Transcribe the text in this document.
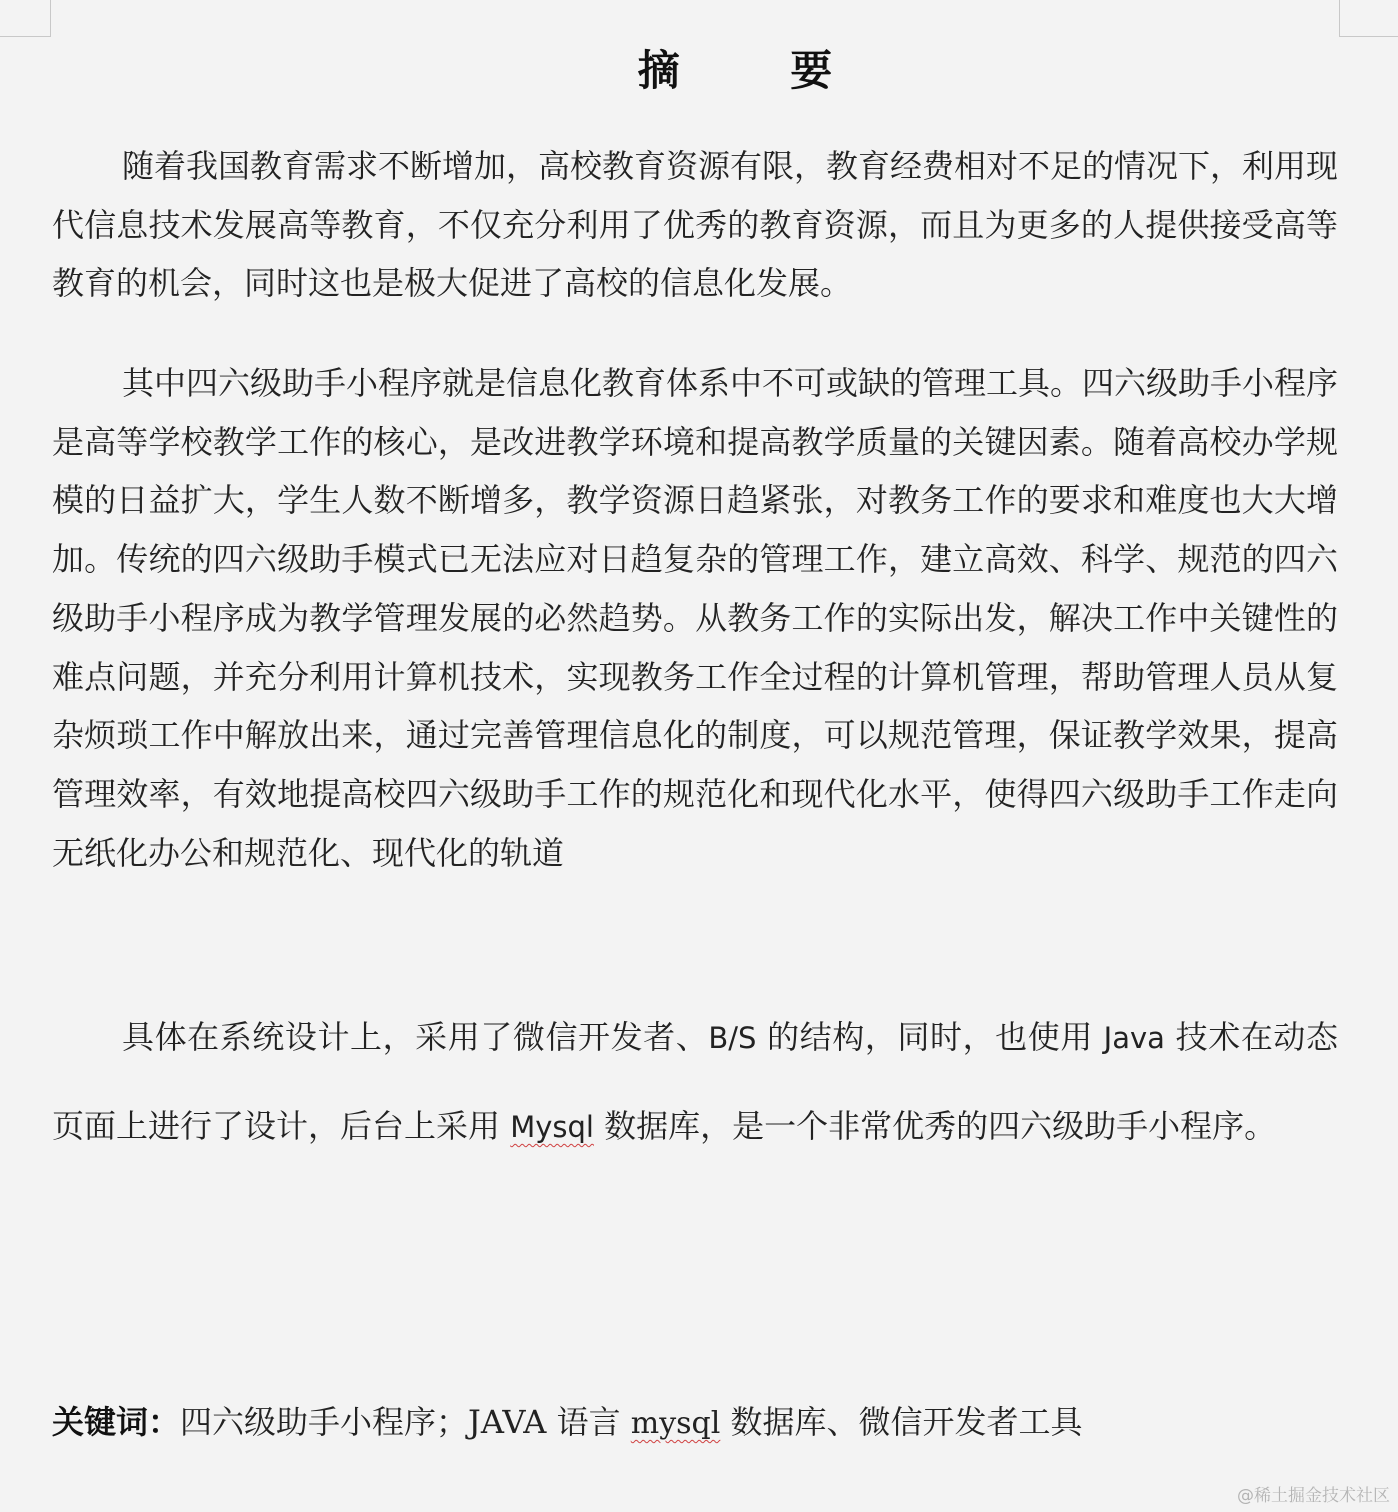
摘 要

随着我国教育需求不断增加，高校教育资源有限，教育经费相对不足的情况下，利用现代信息技术发展高等教育，不仅充分利用了优秀的教育资源，而且为更多的人提供接受高等教育的机会，同时这也是极大促进了高校的信息化发展。

其中四六级助手小程序就是信息化教育体系中不可或缺的管理工具。四六级助手小程序是高等学校教学工作的核心，是改进教学环境和提高教学质量的关键因素。随着高校办学规模的日益扩大，学生人数不断增多，教学资源日趋紧张，对教务工作的要求和难度也大大增加。传统的四六级助手模式已无法应对日趋复杂的管理工作，建立高效、科学、规范的四六级助手小程序成为教学管理发展的必然趋势。从教务工作的实际出发，解决工作中关键性的难点问题，并充分利用计算机技术，实现教务工作全过程的计算机管理，帮助管理人员从复杂烦琐工作中解放出来，通过完善管理信息化的制度，可以规范管理，保证教学效果，提高管理效率，有效地提高校四六级助手工作的规范化和现代化水平，使得四六级助手工作走向无纸化办公和规范化、现代化的轨道

具体在系统设计上，采用了微信开发者、B/S 的结构，同时，也使用 Java 技术在动态页面上进行了设计，后台上采用 Mysql 数据库，是一个非常优秀的四六级助手小程序。

关键词：四六级助手小程序；JAVA 语言 mysql 数据库、微信开发者工具
@稀土掘金技术社区
